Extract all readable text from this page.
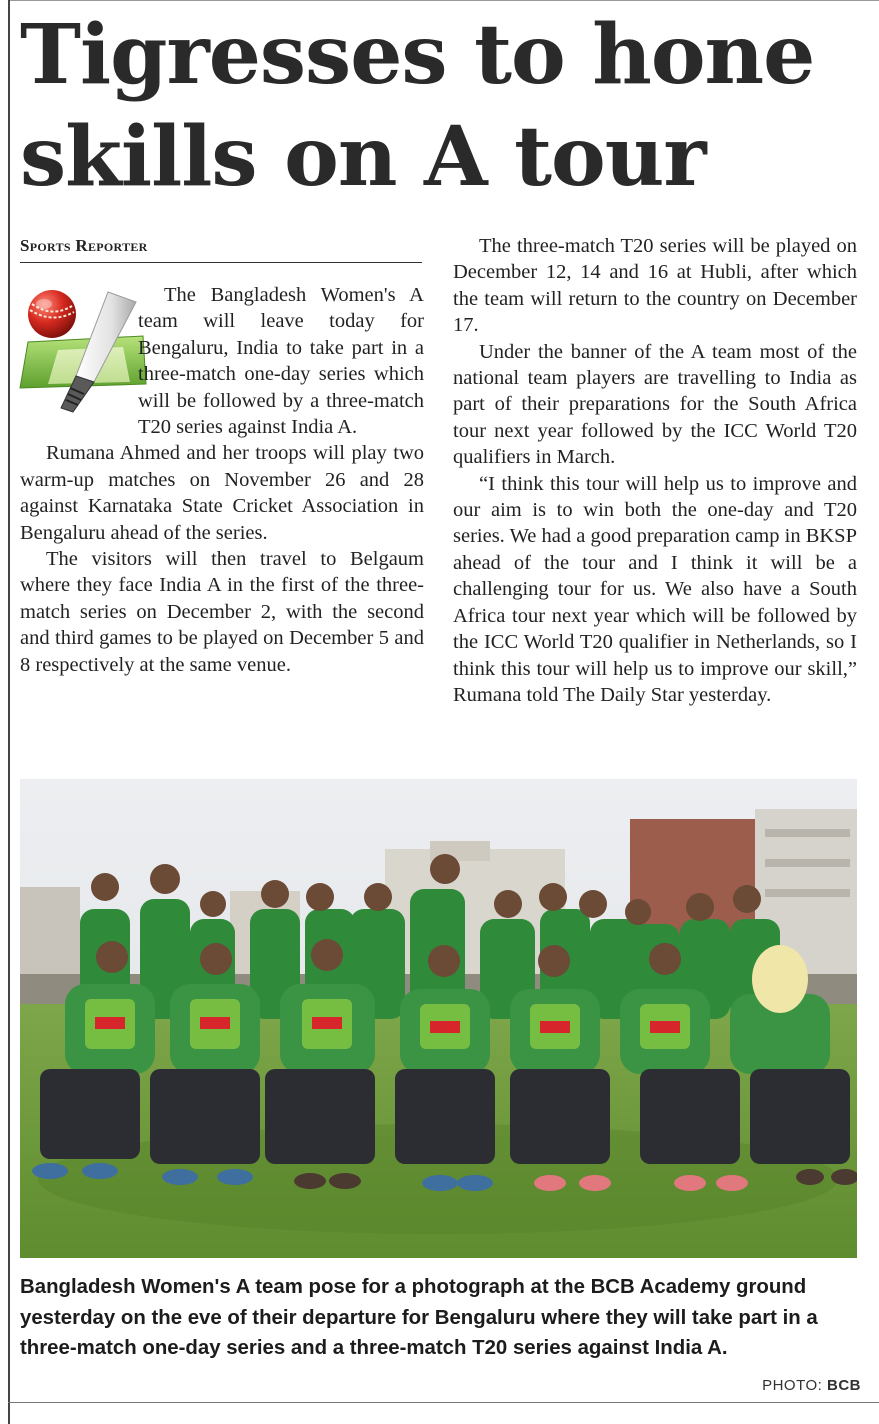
Tigresses to hone skills on A tour
Sports Reporter

The Bangladesh Women's A team will leave today for Bengaluru, India to take part in a three-match one-day series which will be followed by a three-match T20 series against India A.

Rumana Ahmed and her troops will play two warm-up matches on November 26 and 28 against Karnataka State Cricket Association in Bengaluru ahead of the series.

The visitors will then travel to Belgaum where they face India A in the first of the three-match series on December 2, with the second and third games to be played on December 5 and 8 respectively at the same venue.

The three-match T20 series will be played on December 12, 14 and 16 at Hubli, after which the team will return to the country on December 17.

Under the banner of the A team most of the national team players are travelling to India as part of their preparations for the South Africa tour next year followed by the ICC World T20 qualifiers in March.

“I think this tour will help us to improve and our aim is to win both the one-day and T20 series. We had a good preparation camp in BKSP ahead of the tour and I think it will be a challenging tour for us. We also have a South Africa tour next year which will be followed by the ICC World T20 qualifier in Netherlands, so I think this tour will help us to improve our skill,” Rumana told The Daily Star yesterday.

Bangladesh Women's A team pose for a photograph at the BCB Academy ground yesterday on the eve of their departure for Bengaluru where they will take part in a three-match one-day series and a three-match T20 series against India A.
PHOTO: BCB
